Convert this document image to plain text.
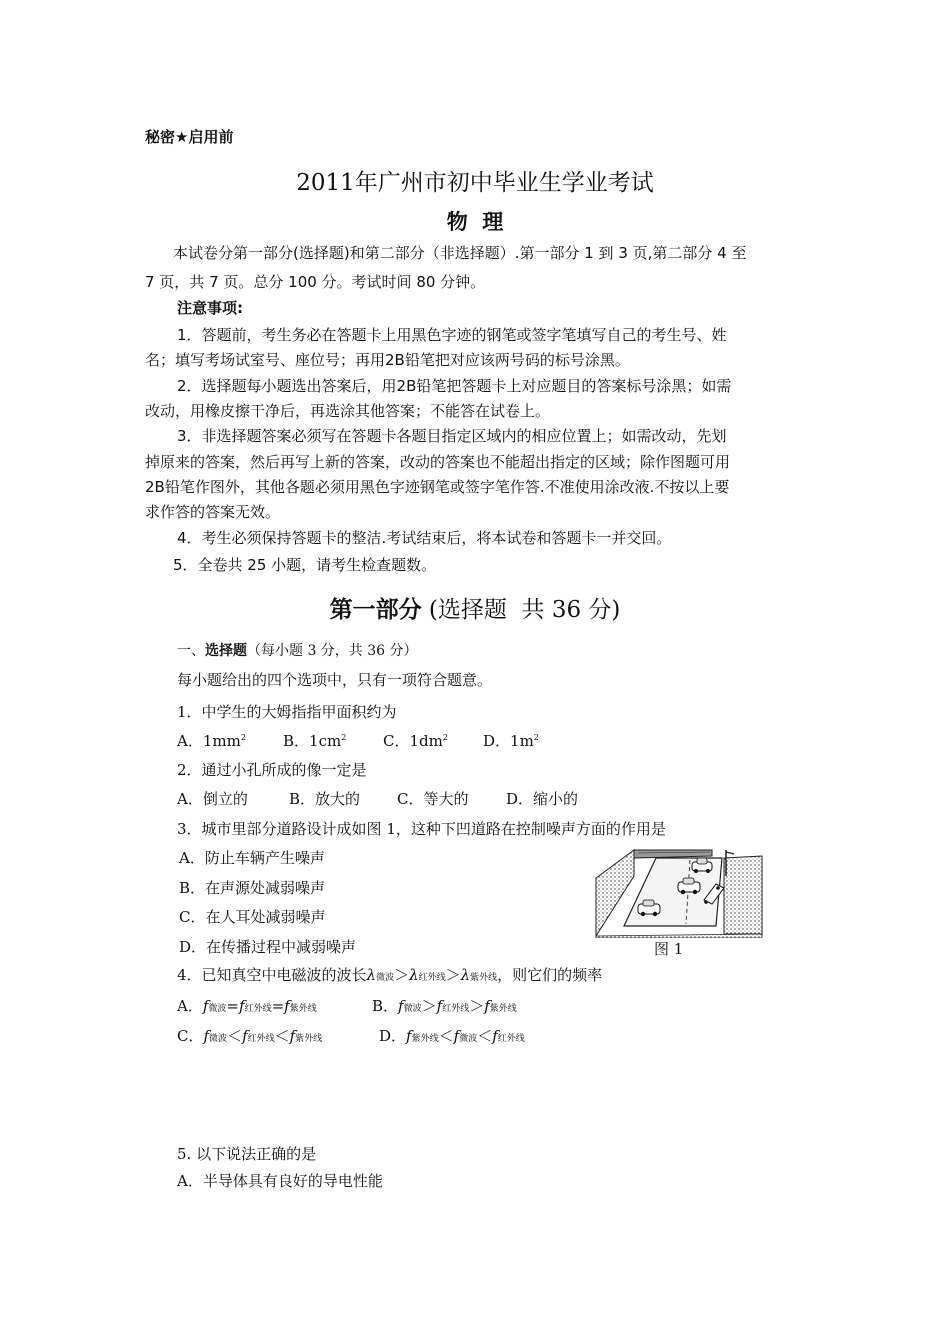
秘密★启用前
2011年广州市初中毕业生学业考试
物  理
本试卷分第一部分(选择题)和第二部分（非选择题）.第一部分 1 到 3 页,第二部分 4 至
7 页，共 7 页。总分 100 分。考试时间 80 分钟。
注意事项:
1．答题前，考生务必在答题卡上用黑色字迹的钢笔或签字笔填写自己的考生号、姓
名；填写考场试室号、座位号；再用2B铅笔把对应该两号码的标号涂黑。
2．选择题每小题选出答案后，用2B铅笔把答题卡上对应题目的答案标号涂黑；如需
改动，用橡皮擦干净后，再选涂其他答案；不能答在试卷上。
3．非选择题答案必须写在答题卡各题目指定区域内的相应位置上；如需改动，先划
掉原来的答案，然后再写上新的答案，改动的答案也不能超出指定的区域；除作图题可用
2B铅笔作图外，其他各题必须用黑色字迹钢笔或签字笔作答.不准使用涂改液.不按以上要
求作答的答案无效。
4．考生必须保持答题卡的整洁.考试结束后，将本试卷和答题卡一并交回。
5．全卷共 25 小题，请考生检查题数。
第一部分 (选择题  共 36 分)
一、选择题（每小题 3 分，共 36 分）
每小题给出的四个选项中，只有一项符合题意。
1．中学生的大姆指指甲面积约为
A．$1mm^2$ B．$1cm^2$ C．$1dm^2$ D．$1m^2$
2．通过小孔所成的像一定是
A．倒立的	B．放大的 C．等大的	D．缩小的
3．城市里部分道路设计成如图 1，这种下凹道路在控制噪声方面的作用是
A．防止车辆产生噪声
B．在声源处减弱噪声
C．在人耳处减弱噪声
D．在传播过程中减弱噪声	图 1
4．已知真空中电磁波的波长λ微波＞λ红外线＞λ紫外线，则它们的频率
A．f微波=f红外线=f紫外线	B．f微波＞f红外线＞f紫外线
C．f微波＜f红外线＜f紫外线	D．f紫外线＜f微波＜f红外线
5. 以下说法正确的是
A．半导体具有良好的导电性能
